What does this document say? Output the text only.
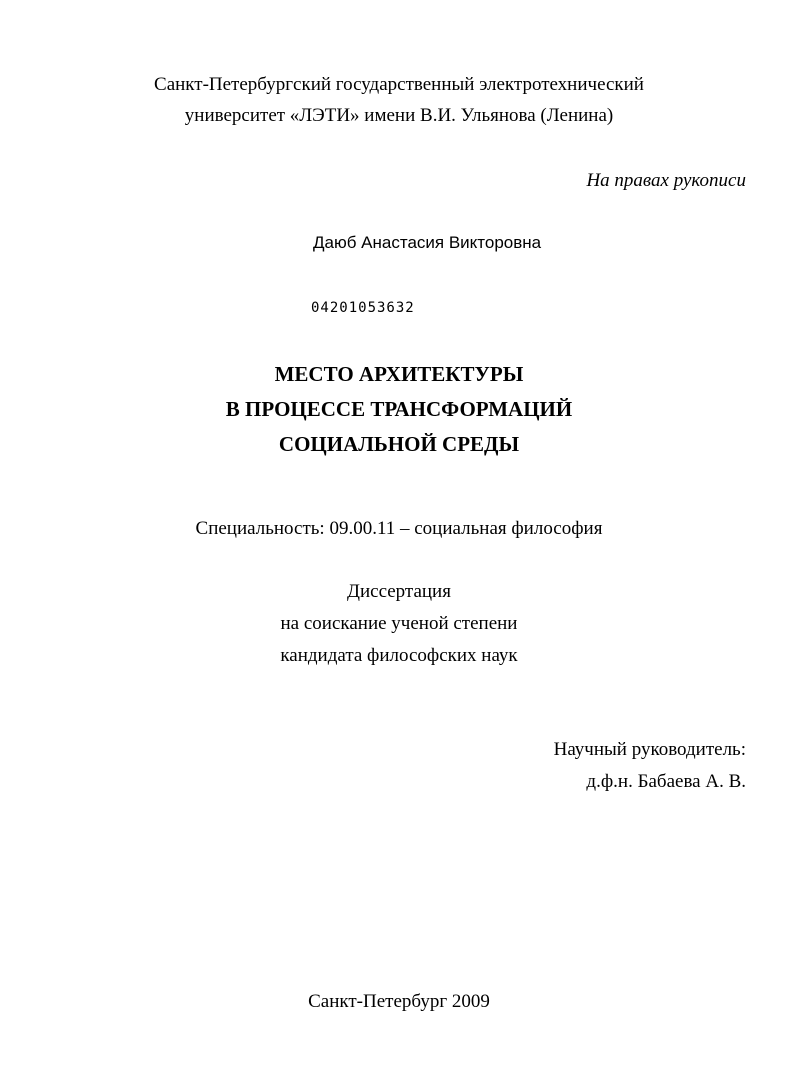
Санкт-Петербургский государственный электротехнический
университет «ЛЭТИ» имени В.И. Ульянова (Ленина)
На правах рукописи
Даюб Анастасия Викторовна
04201053632
МЕСТО АРХИТЕКТУРЫ
В ПРОЦЕССЕ ТРАНСФОРМАЦИЙ
СОЦИАЛЬНОЙ СРЕДЫ
Специальность: 09.00.11 – социальная философия
Диссертация
на соискание ученой степени
кандидата философских наук
Научный руководитель:
д.ф.н. Бабаева А. В.
Санкт-Петербург 2009
